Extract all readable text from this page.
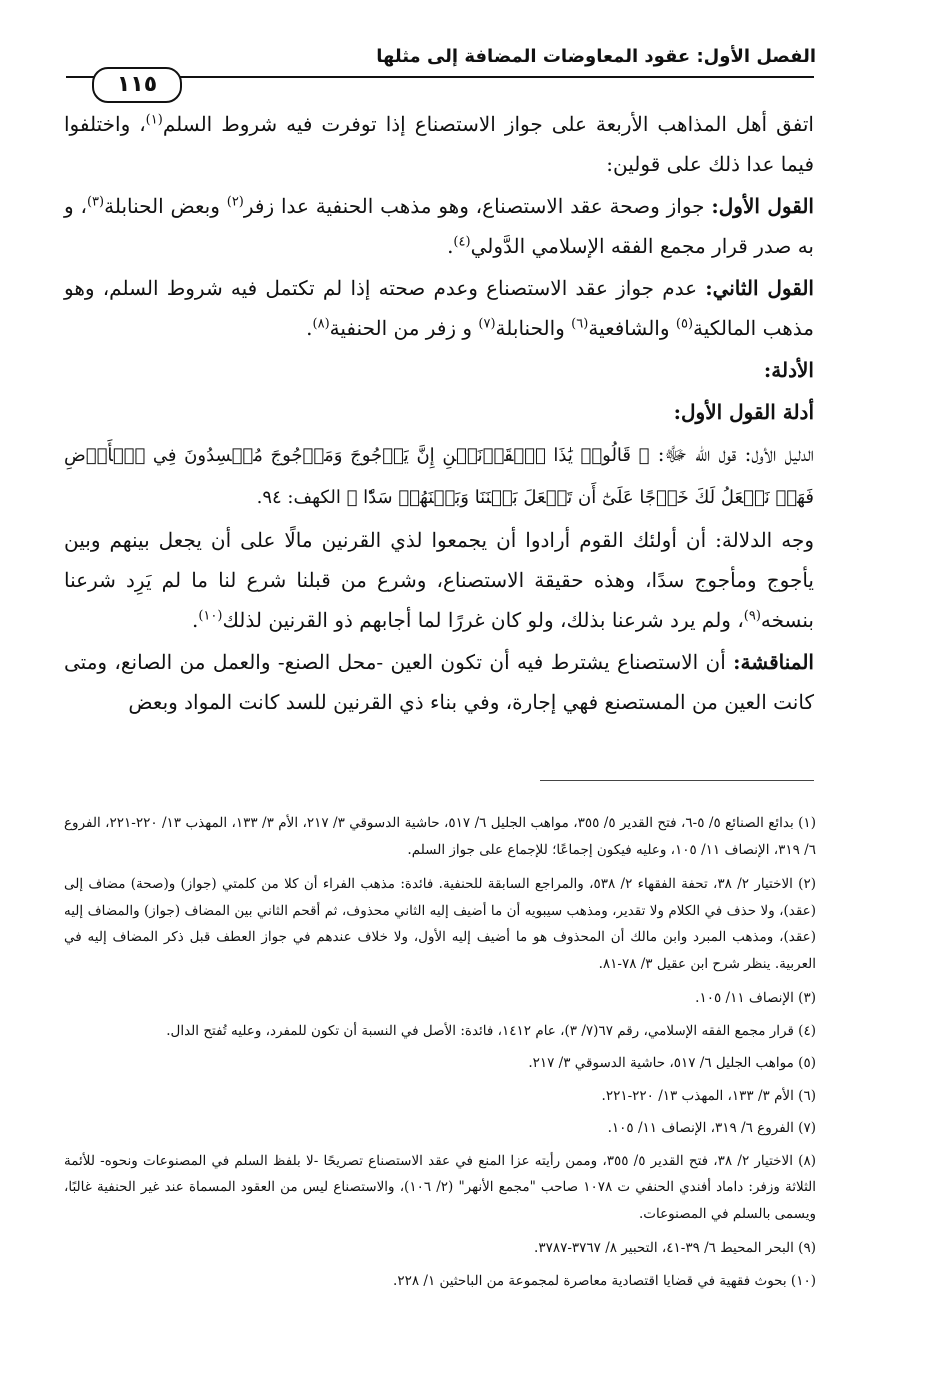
الفصل الأول: عقود المعاوضات المضافة إلى مثلها
١١٥

اتفق أهل المذاهب الأربعة على جواز الاستصناع إذا توفرت فيه شروط السلم$^{(١)}$، واختلفوا فيما عدا ذلك على قولين:

القول الأول: جواز وصحة عقد الاستصناع، وهو مذهب الحنفية عدا زفر$^{(٢)}$ وبعض الحنابلة$^{(٣)}$، و به صدر قرار مجمع الفقه الإسلامي الدَّولي$^{(٤)}$.

القول الثاني: عدم جواز عقد الاستصناع وعدم صحته إذا لم تكتمل فيه شروط السلم، وهو مذهب المالكية$^{(٥)}$ والشافعية$^{(٦)}$ والحنابلة$^{(٧)}$ و زفر من الحنفية$^{(٨)}$.

الأدلة:

أدلة القول الأول:

الدليل الأول: قول الله ﷻ: ﴿ قَالُوا۟ يَٰذَا ٱلۡقَرۡنَيۡنِ إِنَّ يَأۡجُوجَ وَمَأۡجُوجَ مُفۡسِدُونَ فِي ٱلۡأَرۡضِ فَهَلۡ نَجۡعَلُ لَكَ خَرۡجًا عَلَىٰٓ أَن تَجۡعَلَ بَيۡنَنَا وَبَيۡنَهُمۡ سَدّٗا ﴾ الكهف: ٩٤.

وجه الدلالة: أن أولئك القوم أرادوا أن يجمعوا لذي القرنين مالًا على أن يجعل بينهم وبين يأجوج ومأجوج سدًا، وهذه حقيقة الاستصناع، وشرع من قبلنا شرع لنا ما لم يَرِد شرعنا بنسخه$^{(٩)}$، ولم يرد شرعنا بذلك، ولو كان غررًا لما أجابهم ذو القرنين لذلك$^{(١٠)}$.

المناقشة: أن الاستصناع يشترط فيه أن تكون العين -محل الصنع- والعمل من الصانع، ومتى كانت العين من المستصنع فهي إجارة، وفي بناء ذي القرنين للسد كانت المواد وبعض

(١) بدائع الصنائع ٥/ ٥-٦، فتح القدير ٥/ ٣٥٥، مواهب الجليل ٦/ ٥١٧، حاشية الدسوقي ٣/ ٢١٧، الأم ٣/ ١٣٣، المهذب ١٣/ ٢٢٠-٢٢١، الفروع ٦/ ٣١٩، الإنصاف ١١/ ١٠٥، وعليه فيكون إجماعًا؛ للإجماع على جواز السلم.

(٢) الاختيار ٢/ ٣٨، تحفة الفقهاء ٢/ ٥٣٨، والمراجع السابقة للحنفية. فائدة: مذهب الفراء أن كلا من كلمتي (جواز) و(صحة) مضاف إلى (عقد)، ولا حذف في الكلام ولا تقدير، ومذهب سيبويه أن ما أضيف إليه الثاني محذوف، ثم أقحم الثاني بين المضاف (جواز) والمضاف إليه (عقد)، ومذهب المبرد وابن مالك أن المحذوف هو ما أضيف إليه الأول، ولا خلاف عندهم في جواز العطف قبل ذكر المضاف إليه في العربية. ينظر شرح ابن عقيل ٣/ ٧٨-٨١.

(٣) الإنصاف ١١/ ١٠٥.

(٤) قرار مجمع الفقه الإسلامي، رقم ٦٧(٧/ ٣)، عام ١٤١٢، فائدة: الأصل في النسبة أن تكون للمفرد، وعليه تُفتح الدال.

(٥) مواهب الجليل ٦/ ٥١٧، حاشية الدسوقي ٣/ ٢١٧.

(٦) الأم ٣/ ١٣٣، المهذب ١٣/ ٢٢٠-٢٢١.

(٧) الفروع ٦/ ٣١٩، الإنصاف ١١/ ١٠٥.

(٨) الاختيار ٢/ ٣٨، فتح القدير ٥/ ٣٥٥، وممن رأيته عزا المنع في عقد الاستصناع تصريحًا -لا بلفظ السلم في المصنوعات ونحوه- للأئمة الثلاثة وزفر: داماد أفندي الحنفي ت ١٠٧٨ صاحب "مجمع الأنهر" (٢/ ١٠٦)، والاستصناع ليس من العقود المسماة عند غير الحنفية غالبًا، ويسمى بالسلم في المصنوعات.

(٩) البحر المحيط ٦/ ٣٩-٤١، التحبير ٨/ ٣٧٦٧-٣٧٨٧.

(١٠) بحوث فقهية في قضايا اقتصادية معاصرة لمجموعة من الباحثين ١/ ٢٢٨.
